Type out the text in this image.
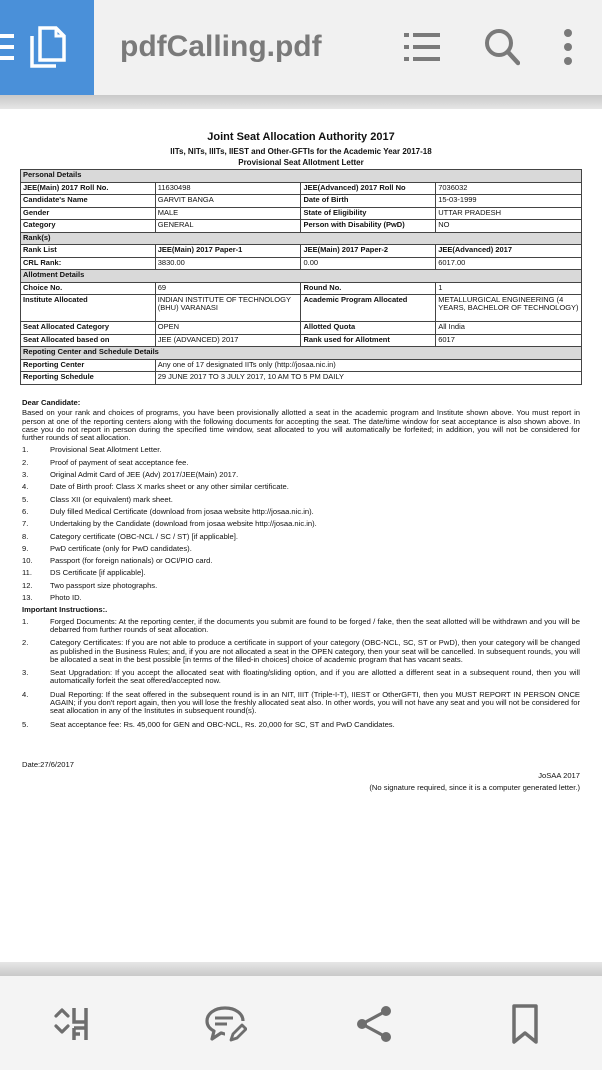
pdfCalling.pdf
Joint Seat Allocation Authority 2017
IITs, NITs, IIITs, IIEST and Other-GFTIs for the Academic Year 2017-18
Provisional Seat Allotment Letter
Personal Details			
JEE(Main) 2017 Roll No.	11630498	JEE(Advanced) 2017 Roll No	7036032
Candidate's Name	GARVIT BANGA	Date of Birth	15-03-1999
Gender	MALE	State of Eligibility	UTTAR PRADESH
Category	GENERAL	Person with Disability (PwD)	NO
Rank(s)			
Rank List	JEE(Main) 2017 Paper-1	JEE(Main) 2017 Paper-2	JEE(Advanced) 2017
CRL Rank:	3830.00	0.00	6017.00
Allotment Details			
Choice No.	69	Round No.	1
Institute Allocated	INDIAN INSTITUTE OF TECHNOLOGY (BHU) VARANASI	Academic Program Allocated	METALLURGICAL ENGINEERING (4 YEARS, BACHELOR OF TECHNOLOGY)
Seat Allocated Category	OPEN	Allotted Quota	All India
Seat Allocated based on	JEE (ADVANCED) 2017	Rank used for Allotment	6017
Repoting Center and Schedule Details			
Reporting Center	Any one of 17 designated IITs only (http://josaa.nic.in)		
Reporting Schedule	29 JUNE 2017 TO 3 JULY 2017, 10 AM TO 5 PM DAILY		
Dear Candidate:
Based on your rank and choices of programs, you have been provisionally allotted a seat in the academic program and Institute shown above. You must report in person at one of the reporting centers along with the following documents for accepting the seat. The date/time window for seat acceptance is also shown above. In case you do not report in person during the specified time window, seat allocated to you will automatically be forfeited; in addition, you will not be considered for further rounds of seat allocation.
1.	Provisional Seat Allotment Letter.
2.	Proof of payment of seat acceptance fee.
3.	Original Admit Card of JEE (Adv) 2017/JEE(Main) 2017.
4.	Date of Birth proof: Class X marks sheet or any other similar certificate.
5.	Class XII (or equivalent) mark sheet.
6.	Duly filled Medical Certificate (download from josaa website http://josaa.nic.in).
7.	Undertaking by the Candidate (download from josaa website http://josaa.nic.in).
8.	Category certificate (OBC-NCL / SC / ST) [if applicable].
9.	PwD certificate (only for PwD candidates).
10. Passport (for foreign nationals) or OCI/PIO card.
11. DS Certificate [if applicable].
12. Two passport size photographs.
13. Photo ID.
Important Instructions:.
1.	Forged Documents: At the reporting center, if the documents you submit are found to be forged / fake, then the seat allotted will be withdrawn and you will be debarred from further rounds of seat allocation.
2.	Category Certificates: If you are not able to produce a certificate in support of your category (OBC-NCL, SC, ST or PwD), then your category will be changed as published in the Business Rules; and, if you are not allocated a seat in the OPEN category, then your seat will be cancelled. In subsequent rounds, you will be allocated a seat in the best possible [in terms of the filled-in choices] choice of academic program that has vacant seats.
3.	Seat Upgradation: If you accept the allocated seat with floating/sliding option, and if you are allotted a different seat in a subsequent round, then you will automatically forfeit the seat offered/accepted now.
4.	Dual Reporting: If the seat offered in the subsequent round is in an NIT, IIIT (Triple-I-T), IIEST or OtherGFTI, then you MUST REPORT IN PERSON ONCE AGAIN; if you don't report again, then you will lose the freshly allocated seat also. In other words, you will not have any seat and you will not be considered for seat allocation in any of the Institutes in subsequent round(s).
5.	Seat acceptance fee: Rs. 45,000 for GEN and OBC-NCL, Rs. 20,000 for SC, ST and PwD Candidates.
Date:27/6/2017
JoSAA 2017
(No signature required, since it is a computer generated letter.)
